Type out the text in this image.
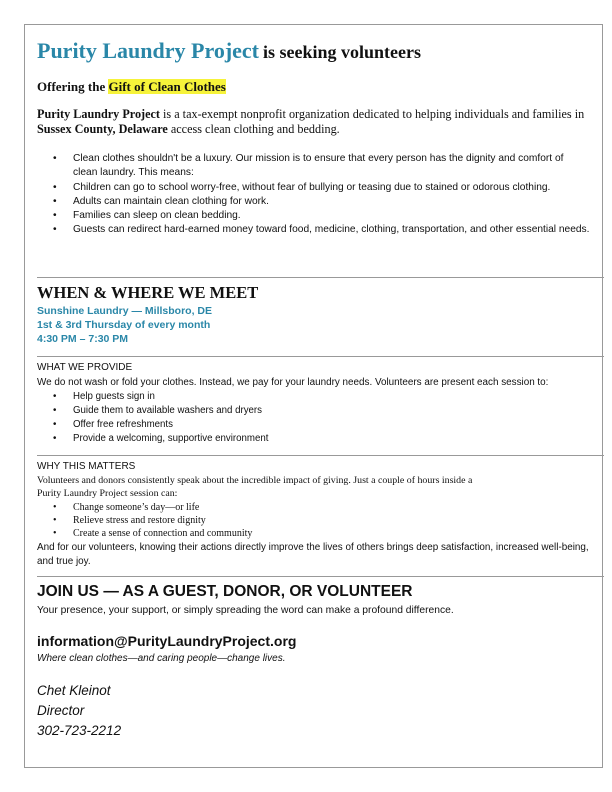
Purity Laundry Project is seeking volunteers
Offering the Gift of Clean Clothes
Purity Laundry Project is a tax-exempt nonprofit organization dedicated to helping individuals and families in Sussex County, Delaware access clean clothing and bedding.
• Clean clothes shouldn't be a luxury. Our mission is to ensure that every person has the dignity and comfort of clean laundry. This means:
• Children can go to school worry-free, without fear of bullying or teasing due to stained or odorous clothing.
• Adults can maintain clean clothing for work.
• Families can sleep on clean bedding.
• Guests can redirect hard-earned money toward food, medicine, clothing, transportation, and other essential needs.
WHEN & WHERE WE MEET
Sunshine Laundry — Millsboro, DE
1st & 3rd Thursday of every month
4:30 PM – 7:30 PM
WHAT WE PROVIDE
We do not wash or fold your clothes. Instead, we pay for your laundry needs. Volunteers are present each session to:
• Help guests sign in
• Guide them to available washers and dryers
• Offer free refreshments
• Provide a welcoming, supportive environment
WHY THIS MATTERS
Volunteers and donors consistently speak about the incredible impact of giving. Just a couple of hours inside a
Purity Laundry Project session can:
• Change someone’s day—or life
• Relieve stress and restore dignity
• Create a sense of connection and community
And for our volunteers, knowing their actions directly improve the lives of others brings deep satisfaction, increased well-being, and true joy.
JOIN US — AS A GUEST, DONOR, OR VOLUNTEER
Your presence, your support, or simply spreading the word can make a profound difference.
information@PurityLaundryProject.org
Where clean clothes—and caring people—change lives.
Chet Kleinot
Director
302-723-2212
